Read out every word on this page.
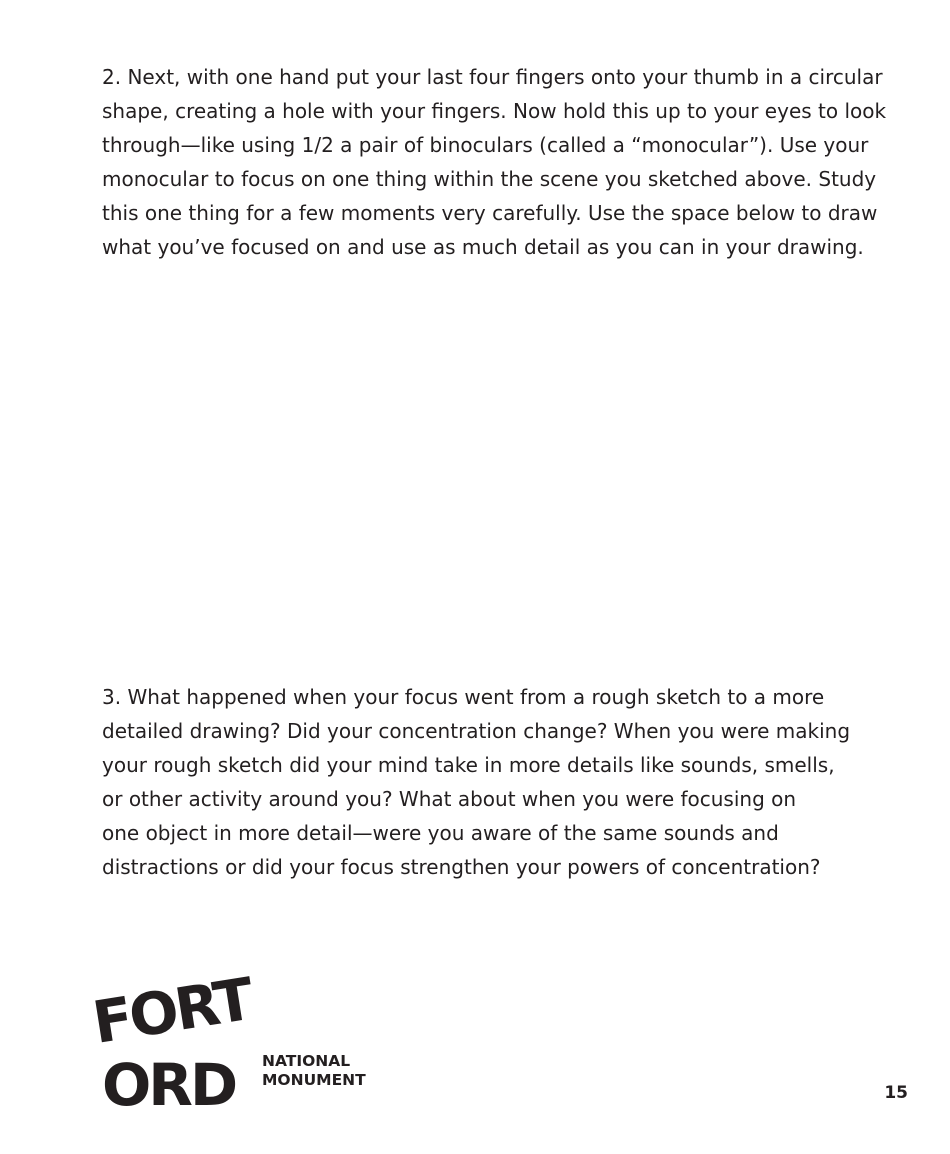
2. Next, with one hand put your last four fingers onto your thumb in a circular
shape, creating a hole with your fingers. Now hold this up to your eyes to look
through—like using 1/2 a pair of binoculars (called a “monocular”). Use your
monocular to focus on one thing within the scene you sketched above. Study
this one thing for a few moments very carefully. Use the space below to draw
what you’ve focused on and use as much detail as you can in your drawing.

3. What happened when your focus went from a rough sketch to a more
detailed drawing? Did your concentration change? When you were making
your rough sketch did your mind take in more details like sounds, smells,
or other activity around you? What about when you were focusing on
one object in more detail—were you aware of the same sounds and
distractions or did your focus strengthen your powers of concentration?

FORT
ORD NATIONAL
MONUMENT
15
